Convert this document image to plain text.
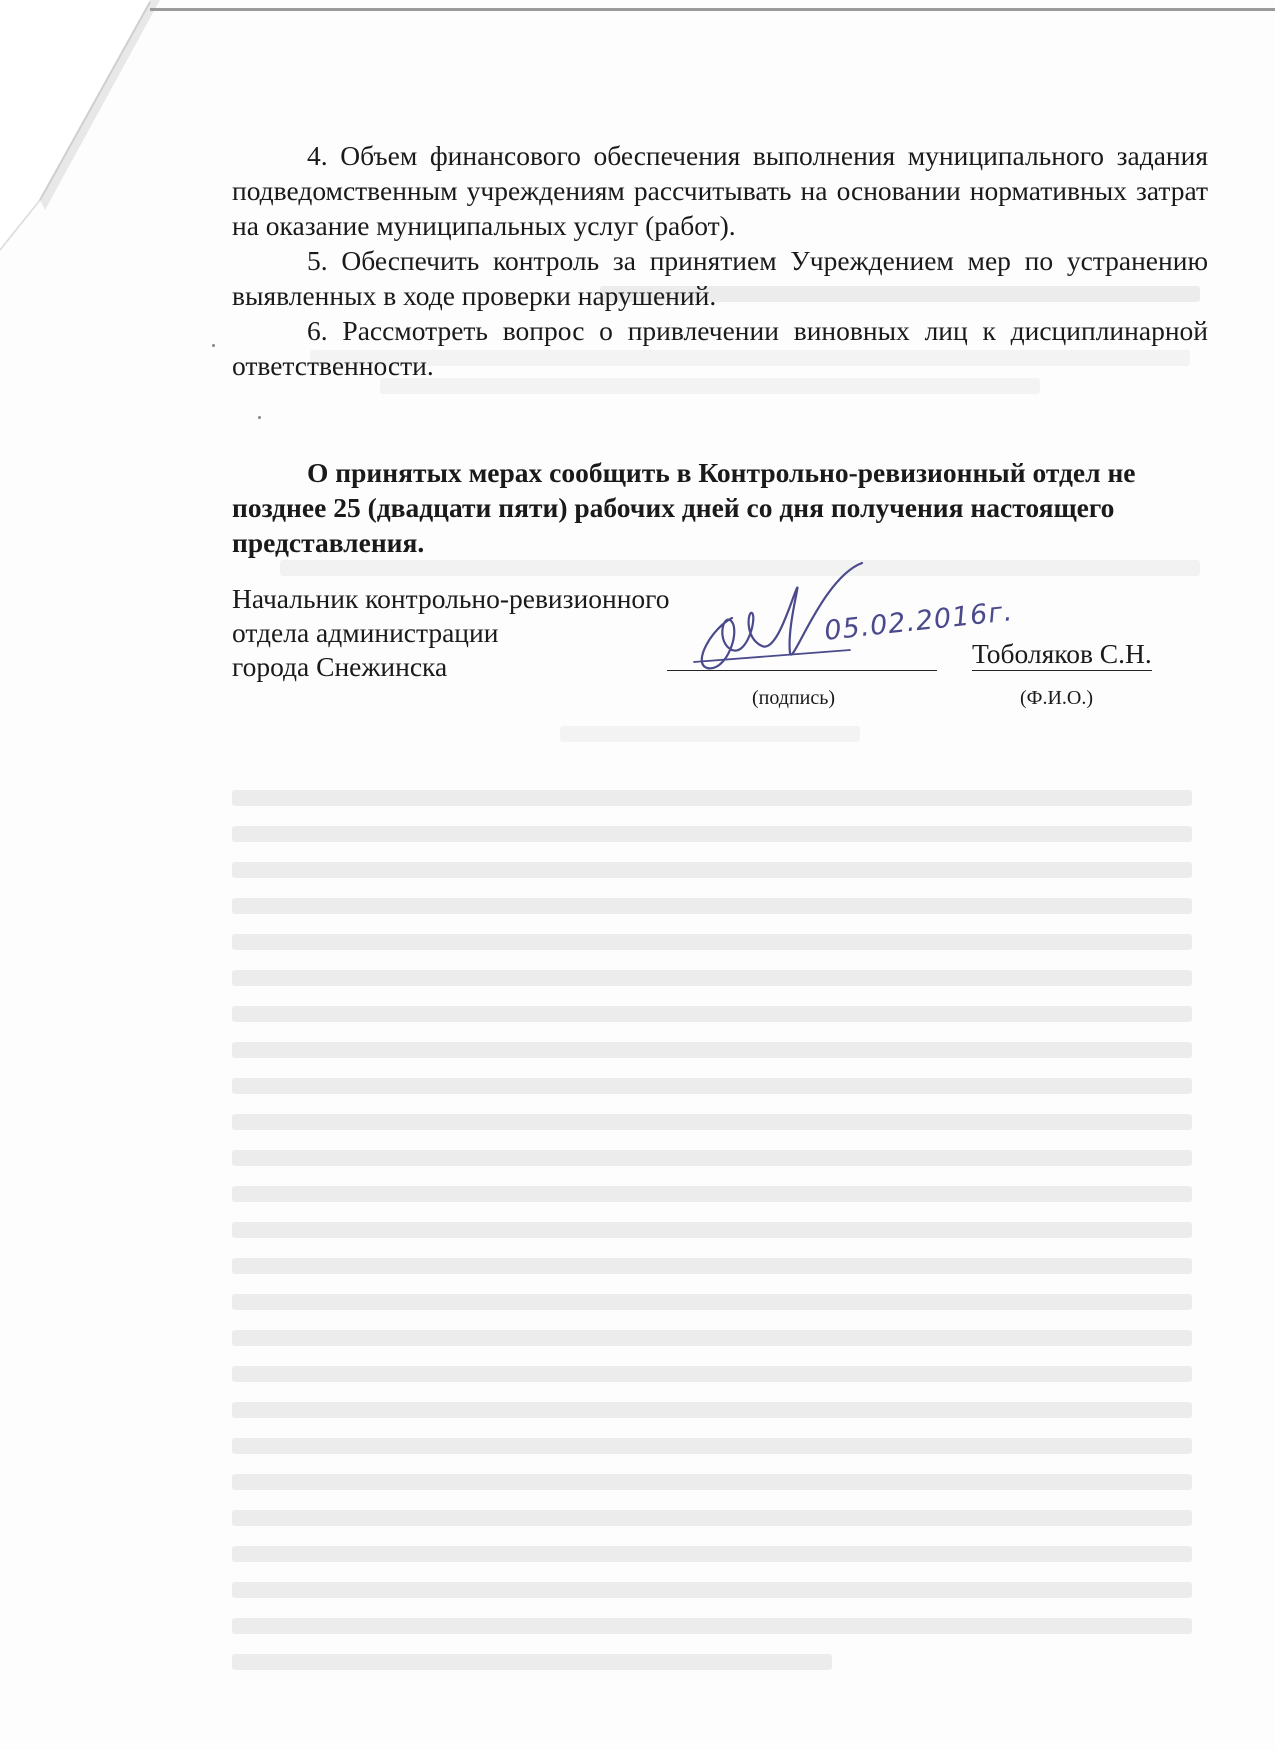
4. Объем финансового обеспечения выполнения муниципального задания подведомственным учреждениям рассчитывать на основании нормативных затрат на оказание муниципальных услуг (работ).

5. Обеспечить контроль за принятием Учреждением мер по устранению выявленных в ходе проверки нарушений.

6. Рассмотреть вопрос о привлечении виновных лиц к дисциплинарной ответственности.

О принятых мерах сообщить в Контрольно-ревизионный отдел не позднее 25 (двадцати пяти) рабочих дней со дня получения настоящего представления.
Начальник контрольно-ревизионного
отдела администрации
города Снежинска
05.02.2016г.
(подпись)
Тоболяков С.Н.
(Ф.И.О.)
